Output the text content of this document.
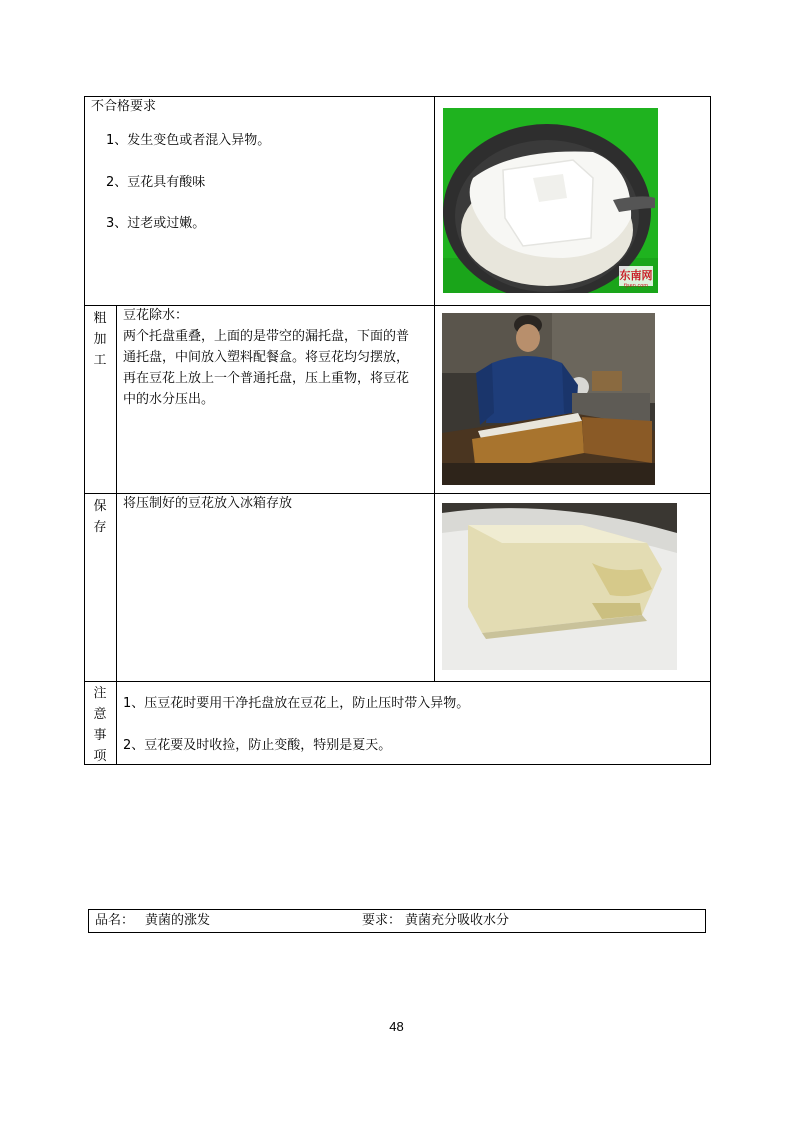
不合格要求
1、发生变色或者混入异物。
2、豆花具有酸味
3、过老或过嫩。
东南网
fjsen.com
粗
加
工
豆花除水：
两个托盘重叠，上面的是带空的漏托盘，下面的普
通托盘，中间放入塑料配餐盒。将豆花均匀摆放，
再在豆花上放上一个普通托盘，压上重物，将豆花
中的水分压出。
保
存
将压制好的豆花放入冰箱存放
注
意
事
项
1、压豆花时要用干净托盘放在豆花上，防止压时带入异物。
2、豆花要及时收捡，防止变酸，特别是夏天。
品名： 黄菌的涨发	要求： 黄菌充分吸收水分
48
